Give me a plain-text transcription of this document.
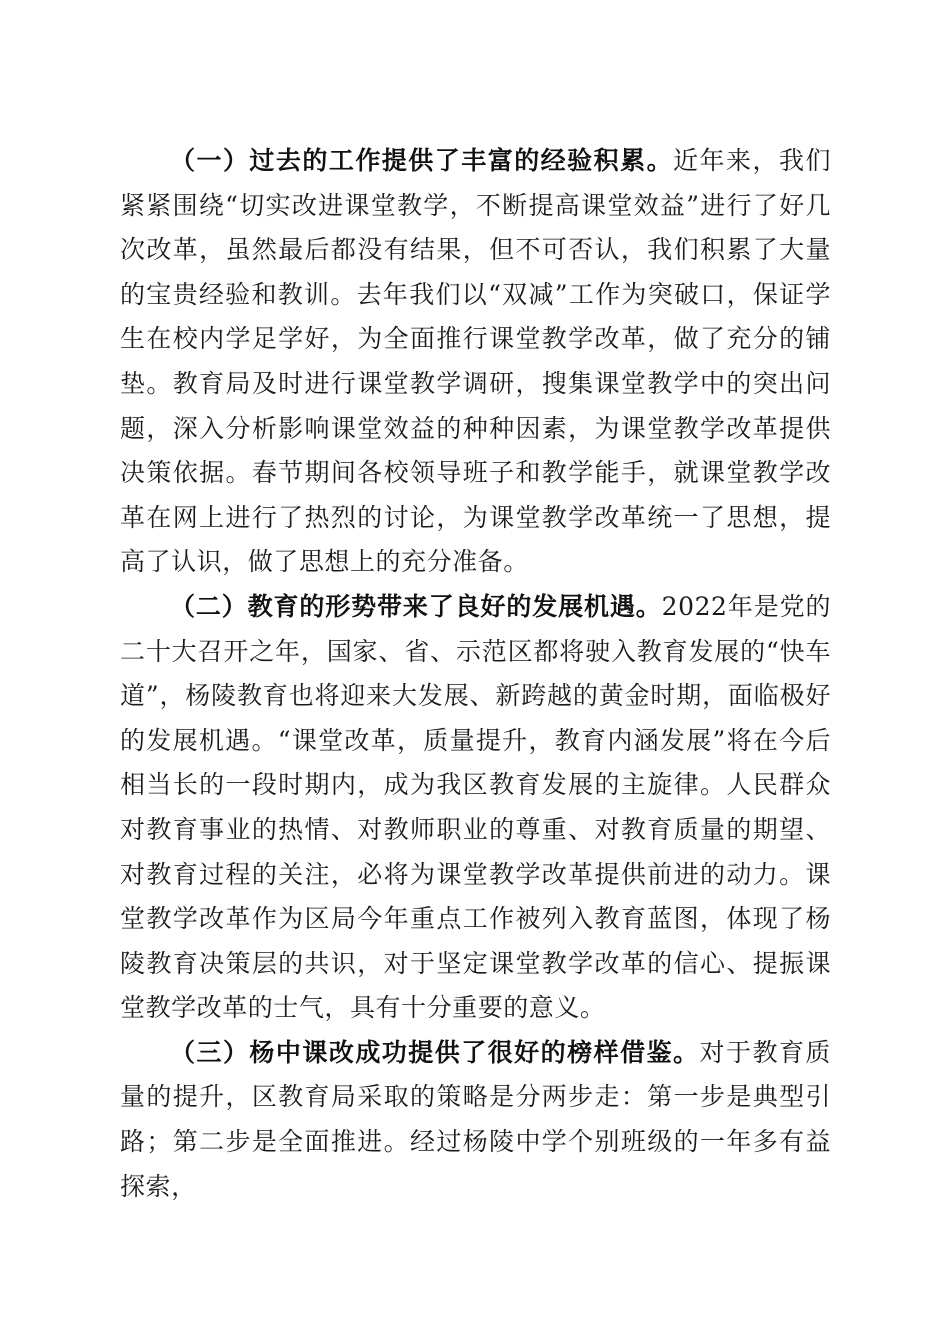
（一）过去的工作提供了丰富的经验积累。近年来，我们紧紧围绕“切实改进课堂教学，不断提高课堂效益”进行了好几次改革，虽然最后都没有结果，但不可否认，我们积累了大量的宝贵经验和教训。去年我们以“双减”工作为突破口，保证学生在校内学足学好，为全面推行课堂教学改革，做了充分的铺垫。教育局及时进行课堂教学调研，搜集课堂教学中的突出问题，深入分析影响课堂效益的种种因素，为课堂教学改革提供决策依据。春节期间各校领导班子和教学能手，就课堂教学改革在网上进行了热烈的讨论，为课堂教学改革统一了思想，提高了认识，做了思想上的充分准备。

（二）教育的形势带来了良好的发展机遇。2022年是党的二十大召开之年，国家、省、示范区都将驶入教育发展的“快车道”，杨陵教育也将迎来大发展、新跨越的黄金时期，面临极好的发展机遇。“课堂改革，质量提升，教育内涵发展”将在今后相当长的一段时期内，成为我区教育发展的主旋律。人民群众对教育事业的热情、对教师职业的尊重、对教育质量的期望、对教育过程的关注，必将为课堂教学改革提供前进的动力。课堂教学改革作为区局今年重点工作被列入教育蓝图，体现了杨陵教育决策层的共识，对于坚定课堂教学改革的信心、提振课堂教学改革的士气，具有十分重要的意义。

（三）杨中课改成功提供了很好的榜样借鉴。对于教育质量的提升，区教育局采取的策略是分两步走：第一步是典型引路；第二步是全面推进。经过杨陵中学个别班级的一年多有益探索，
